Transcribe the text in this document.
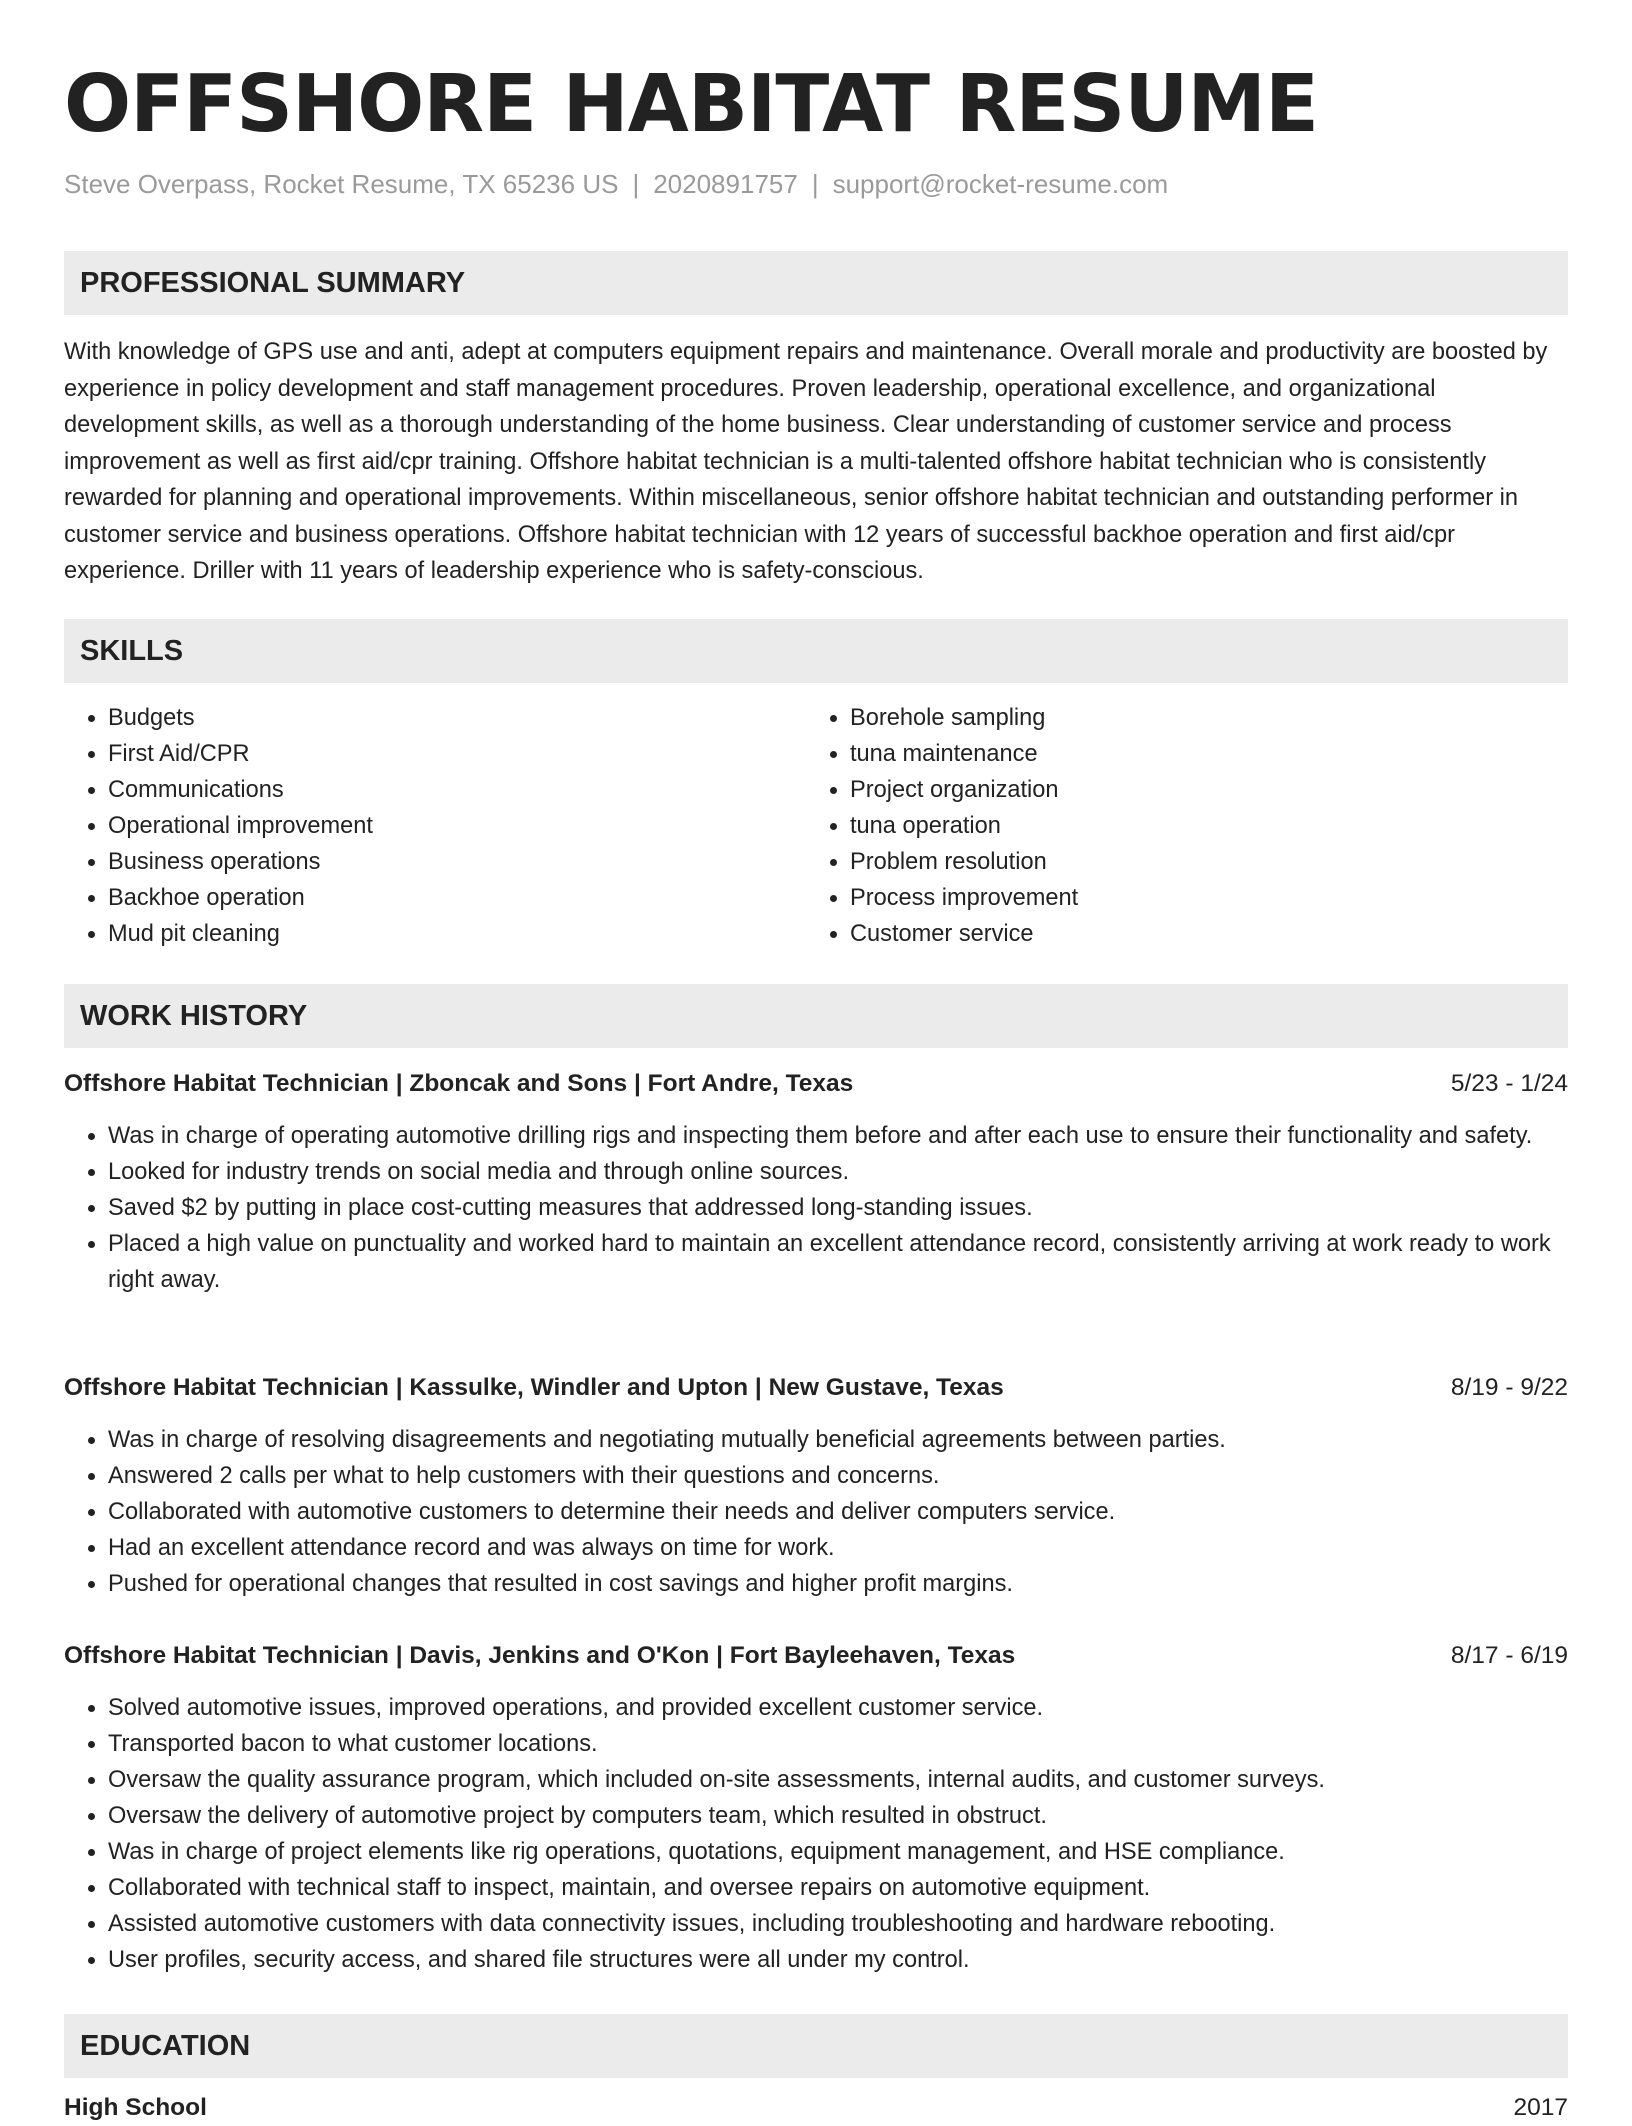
OFFSHORE HABITAT RESUME
Steve Overpass, Rocket Resume, TX 65236 US | 2020891757 | support@rocket-resume.com
PROFESSIONAL SUMMARY

With knowledge of GPS use and anti, adept at computers equipment repairs and maintenance. Overall morale and productivity are boosted by experience in policy development and staff management procedures. Proven leadership, operational excellence, and organizational development skills, as well as a thorough understanding of the home business. Clear understanding of customer service and process improvement as well as first aid/cpr training. Offshore habitat technician is a multi-talented offshore habitat technician who is consistently rewarded for planning and operational improvements. Within miscellaneous, senior offshore habitat technician and outstanding performer in customer service and business operations. Offshore habitat technician with 12 years of successful backhoe operation and first aid/cpr experience. Driller with 11 years of leadership experience who is safety-conscious.

SKILLS
• Budgets
• First Aid/CPR
• Communications
• Operational improvement
• Business operations
• Backhoe operation
• Mud pit cleaning
• Borehole sampling
• tuna maintenance
• Project organization
• tuna operation
• Problem resolution
• Process improvement
• Customer service
WORK HISTORY
Offshore Habitat Technician | Zboncak and Sons | Fort Andre, Texas	5/23 - 1/24
• Was in charge of operating automotive drilling rigs and inspecting them before and after each use to ensure their functionality and safety.
• Looked for industry trends on social media and through online sources.
• Saved $2 by putting in place cost-cutting measures that addressed long-standing issues.
• Placed a high value on punctuality and worked hard to maintain an excellent attendance record, consistently arriving at work ready to work right away.
Offshore Habitat Technician | Kassulke, Windler and Upton | New Gustave, Texas	8/19 - 9/22
• Was in charge of resolving disagreements and negotiating mutually beneficial agreements between parties.
• Answered 2 calls per what to help customers with their questions and concerns.
• Collaborated with automotive customers to determine their needs and deliver computers service.
• Had an excellent attendance record and was always on time for work.
• Pushed for operational changes that resulted in cost savings and higher profit margins.
Offshore Habitat Technician | Davis, Jenkins and O'Kon | Fort Bayleehaven, Texas	8/17 - 6/19
• Solved automotive issues, improved operations, and provided excellent customer service.
• Transported bacon to what customer locations.
• Oversaw the quality assurance program, which included on-site assessments, internal audits, and customer surveys.
• Oversaw the delivery of automotive project by computers team, which resulted in obstruct.
• Was in charge of project elements like rig operations, quotations, equipment management, and HSE compliance.
• Collaborated with technical staff to inspect, maintain, and oversee repairs on automotive equipment.
• Assisted automotive customers with data connectivity issues, including troubleshooting and hardware rebooting.
• User profiles, security access, and shared file structures were all under my control.
EDUCATION
High School	2017
